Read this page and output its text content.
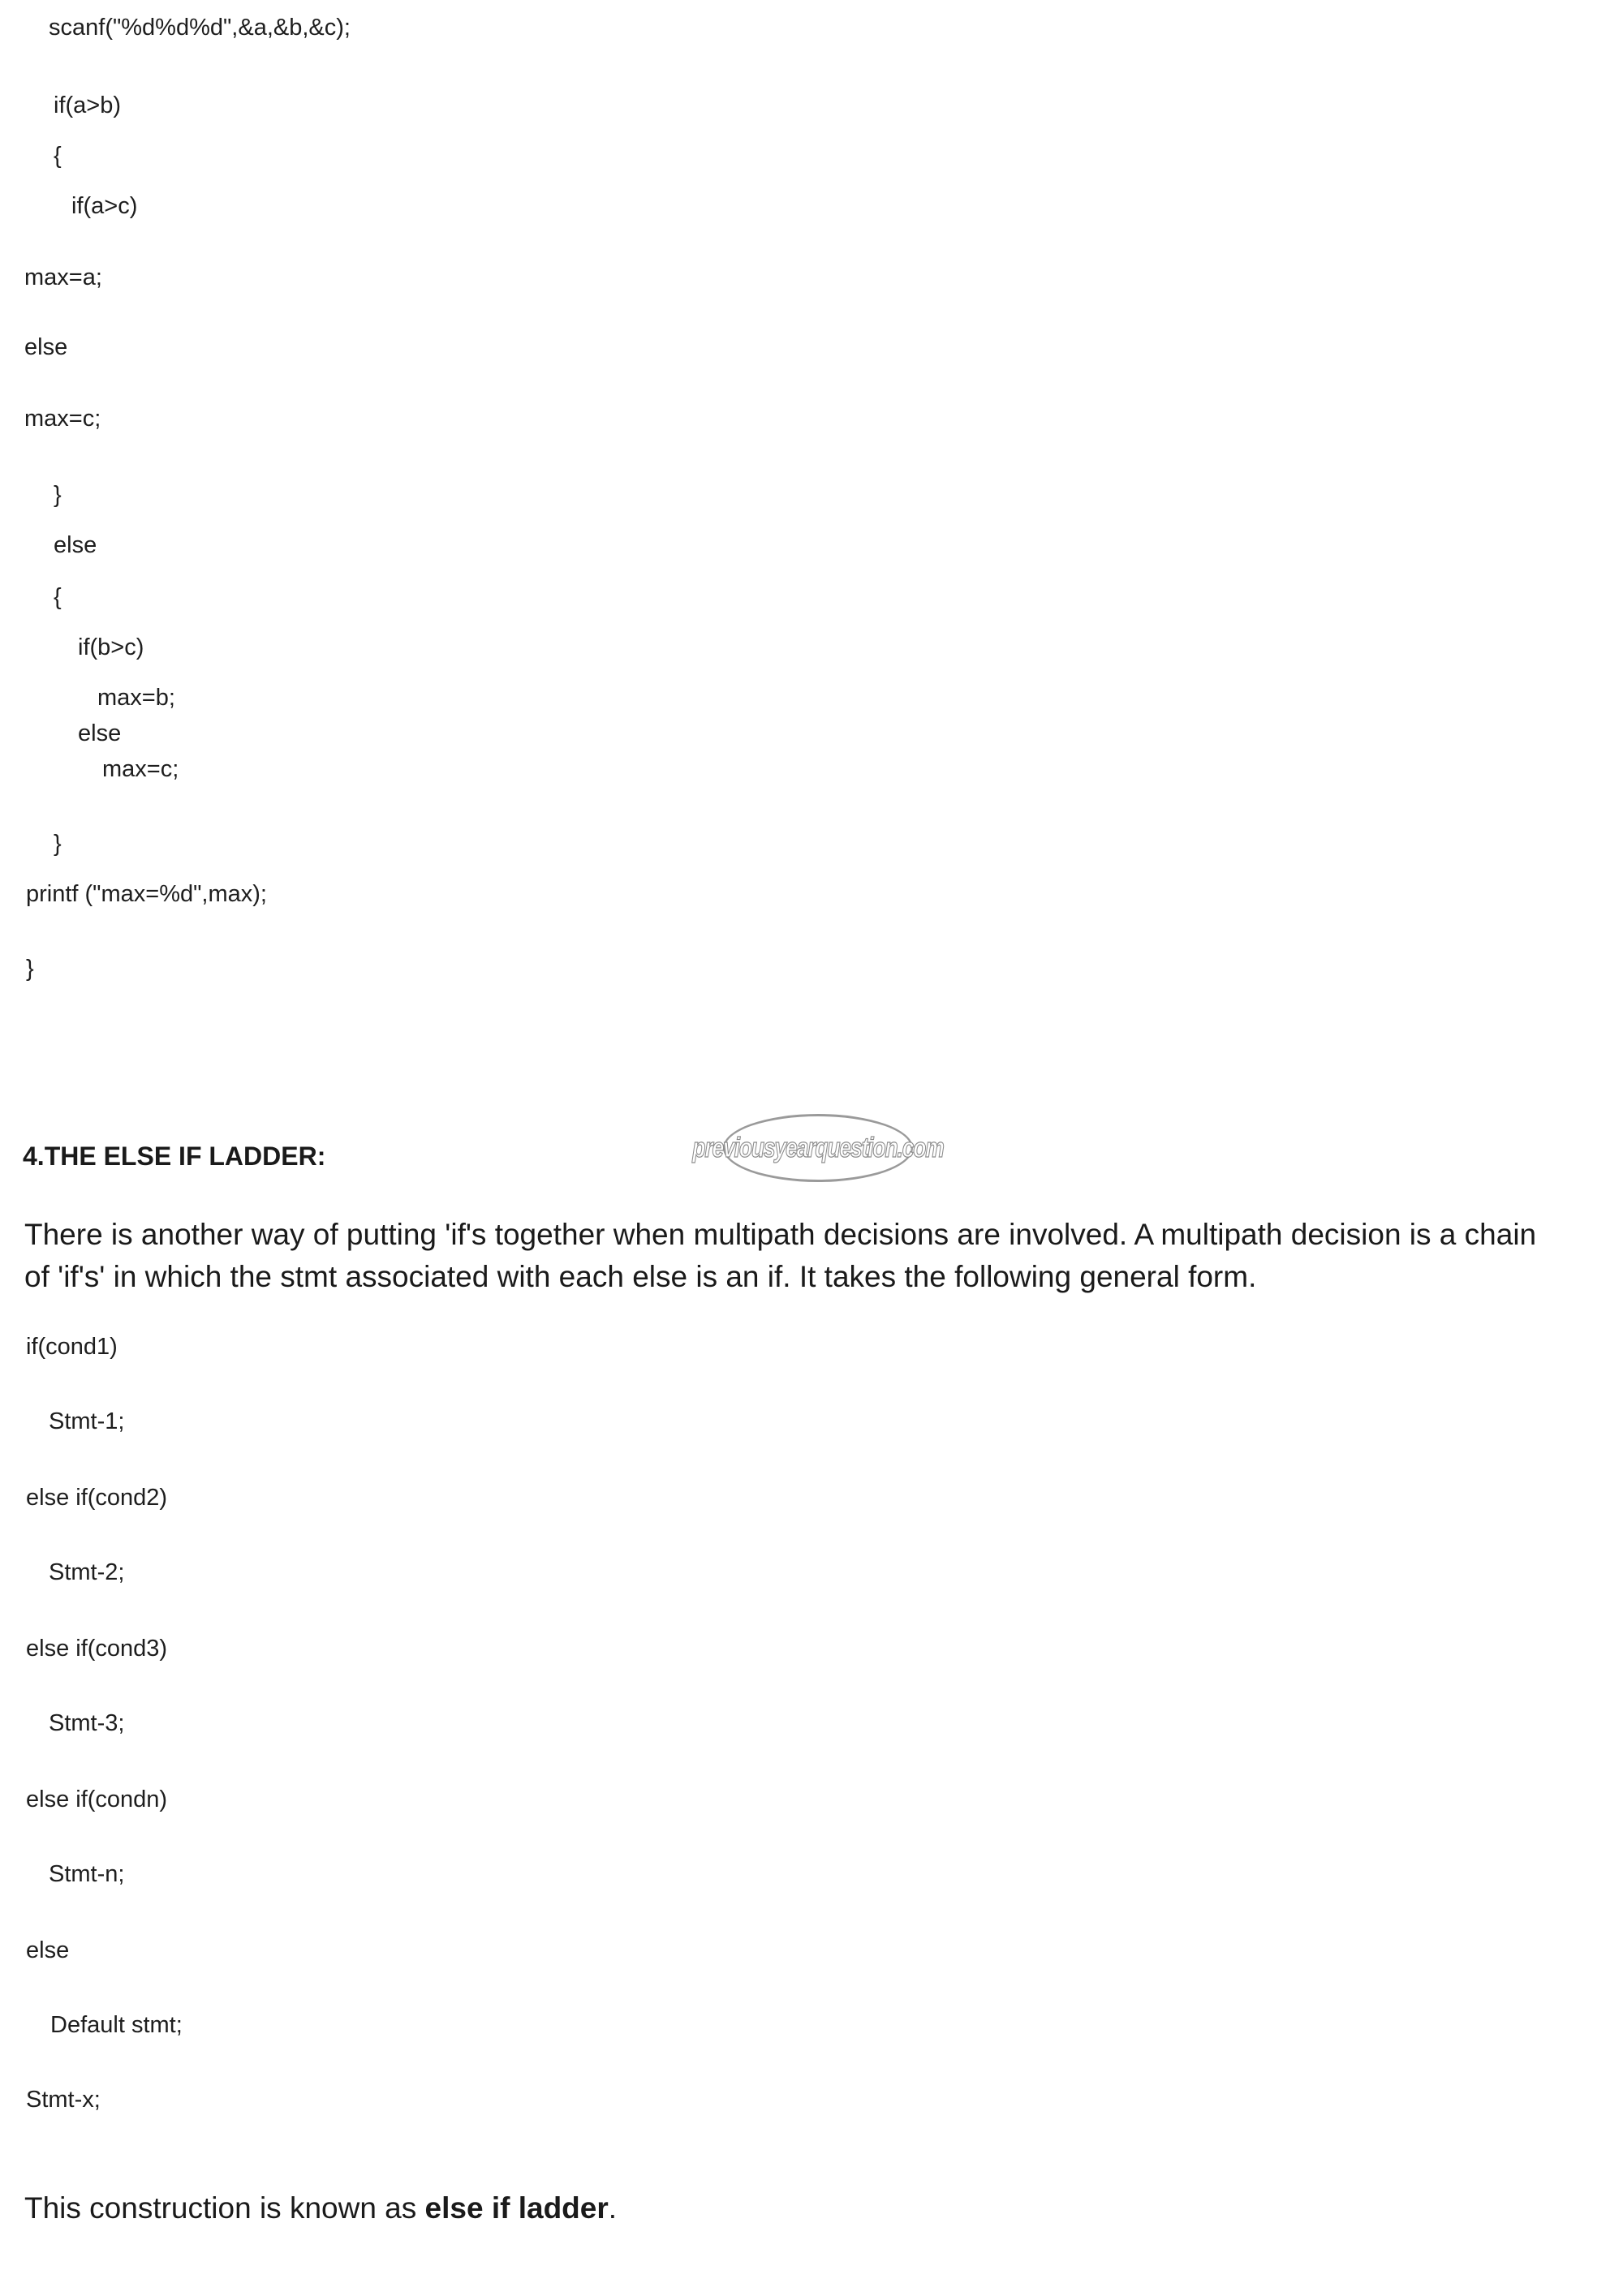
scanf("%d%d%d",&a,&b,&c);
if(a>b)
{
if(a>c)
max=a;
else
max=c;
}
else
{
if(b>c)
max=b;
else
max=c;
}
printf ("max=%d",max);
}
4.THE ELSE IF LADDER:	previousyearquestion.com
There is another way of putting 'if's together when multipath decisions are involved. A multipath decision is a chain
of 'if's' in which the stmt associated with each else is an if. It takes the following general form.
if(cond1)
Stmt-1;
else if(cond2)
Stmt-2;
else if(cond3)
Stmt-3;
else if(condn)
Stmt-n;
else
Default stmt;
Stmt-x;
This construction is known as else if ladder.
